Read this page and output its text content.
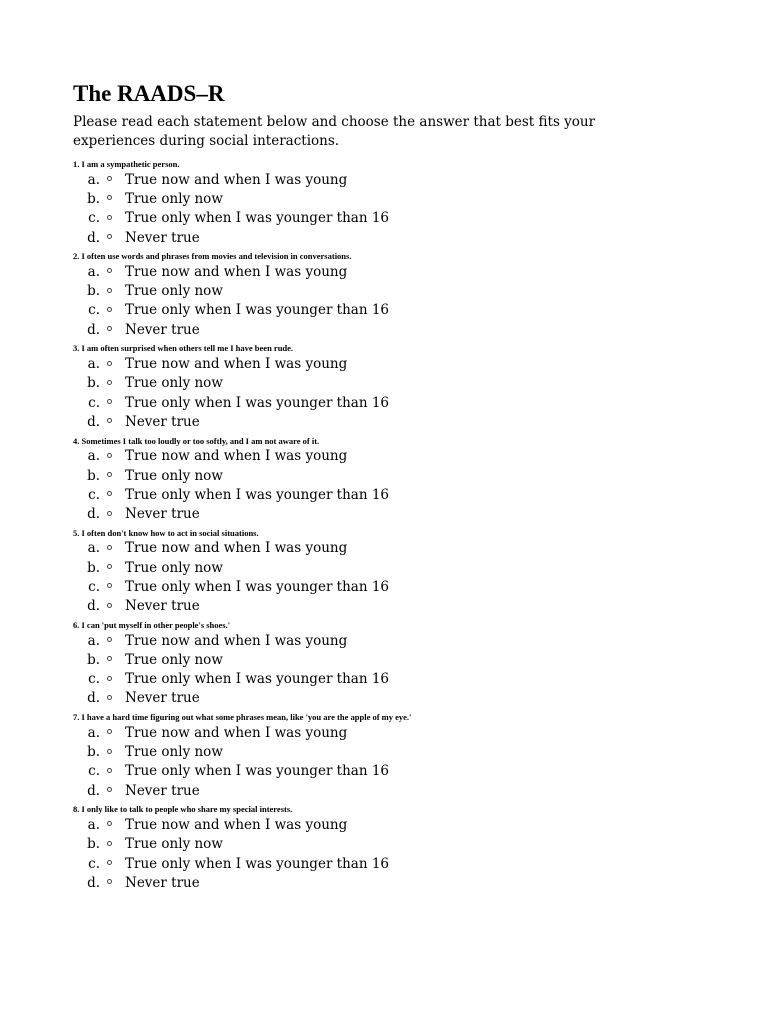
The RAADS–R
Please read each statement below and choose the answer that best fits your experiences during social interactions.
1. I am a sympathetic person.
a.	True now and when I was young
b.	True only now
c.	True only when I was younger than 16
d.	Never true
2. I often use words and phrases from movies and television in conversations.
a.	True now and when I was young
b.	True only now
c.	True only when I was younger than 16
d.	Never true
3. I am often surprised when others tell me I have been rude.
a.	True now and when I was young
b.	True only now
c.	True only when I was younger than 16
d.	Never true
4. Sometimes I talk too loudly or too softly, and I am not aware of it.
a.	True now and when I was young
b.	True only now
c.	True only when I was younger than 16
d.	Never true
5. I often don't know how to act in social situations.
a.	True now and when I was young
b.	True only now
c.	True only when I was younger than 16
d.	Never true
6. I can 'put myself in other people's shoes.'
a.	True now and when I was young
b.	True only now
c.	True only when I was younger than 16
d.	Never true
7. I have a hard time figuring out what some phrases mean, like 'you are the apple of my eye.'
a.	True now and when I was young
b.	True only now
c.	True only when I was younger than 16
d.	Never true
8. I only like to talk to people who share my special interests.
a.	True now and when I was young
b.	True only now
c.	True only when I was younger than 16
d.	Never true
